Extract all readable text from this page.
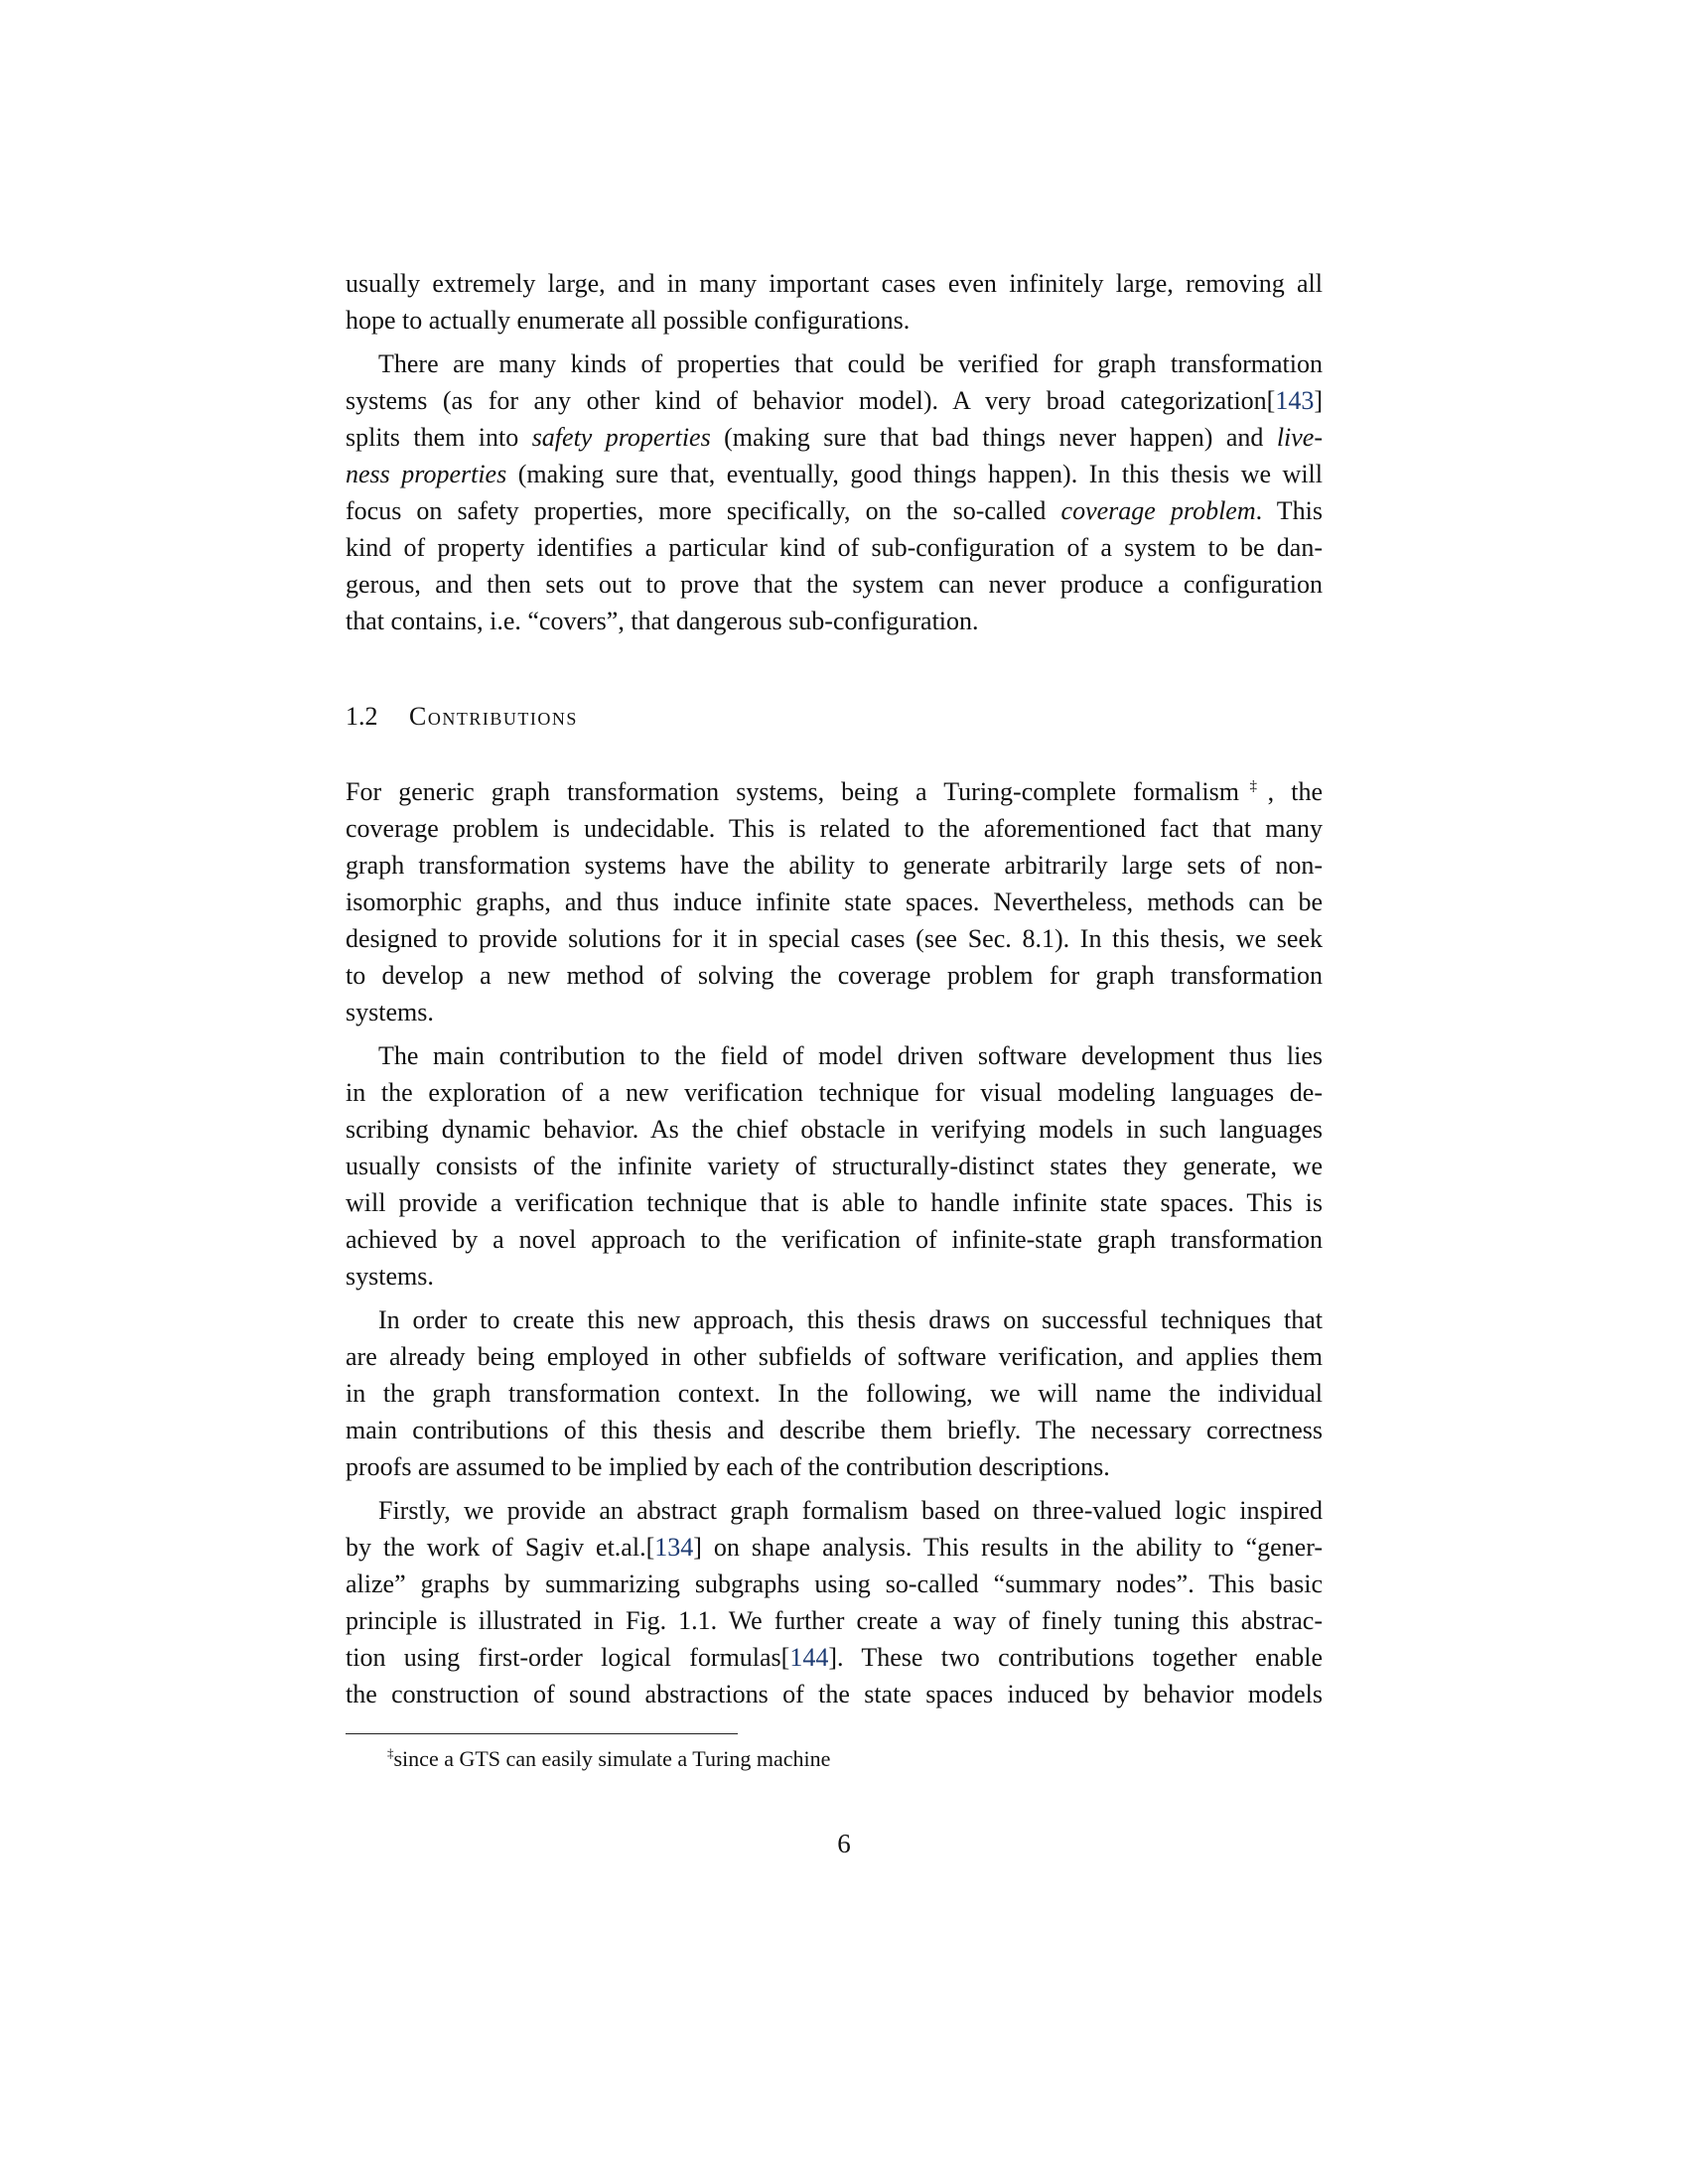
usually extremely large, and in many important cases even infinitely large, removing all
hope to actually enumerate all possible configurations.
There are many kinds of properties that could be verified for graph transformation
systems (as for any other kind of behavior model). A very broad categorization[143]
splits them into safety properties (making sure that bad things never happen) and live-
ness properties (making sure that, eventually, good things happen). In this thesis we will
focus on safety properties, more specifically, on the so-called coverage problem. This
kind of property identifies a particular kind of sub-configuration of a system to be dan-
gerous, and then sets out to prove that the system can never produce a configuration
that contains, i.e. “covers”, that dangerous sub-configuration.
1.2 Contributions
For generic graph transformation systems, being a Turing-complete formalism‡, the
coverage problem is undecidable. This is related to the aforementioned fact that many
graph transformation systems have the ability to generate arbitrarily large sets of non-
isomorphic graphs, and thus induce infinite state spaces. Nevertheless, methods can be
designed to provide solutions for it in special cases (see Sec. 8.1). In this thesis, we seek
to develop a new method of solving the coverage problem for graph transformation
systems.
The main contribution to the field of model driven software development thus lies
in the exploration of a new verification technique for visual modeling languages de-
scribing dynamic behavior. As the chief obstacle in verifying models in such languages
usually consists of the infinite variety of structurally-distinct states they generate, we
will provide a verification technique that is able to handle infinite state spaces. This is
achieved by a novel approach to the verification of infinite-state graph transformation
systems.
In order to create this new approach, this thesis draws on successful techniques that
are already being employed in other subfields of software verification, and applies them
in the graph transformation context. In the following, we will name the individual
main contributions of this thesis and describe them briefly. The necessary correctness
proofs are assumed to be implied by each of the contribution descriptions.
Firstly, we provide an abstract graph formalism based on three-valued logic inspired
by the work of Sagiv et.al.[134] on shape analysis. This results in the ability to “gener-
alize” graphs by summarizing subgraphs using so-called “summary nodes”. This basic
principle is illustrated in Fig. 1.1. We further create a way of finely tuning this abstrac-
tion using first-order logical formulas[144]. These two contributions together enable
the construction of sound abstractions of the state spaces induced by behavior models
‡since a GTS can easily simulate a Turing machine
6
